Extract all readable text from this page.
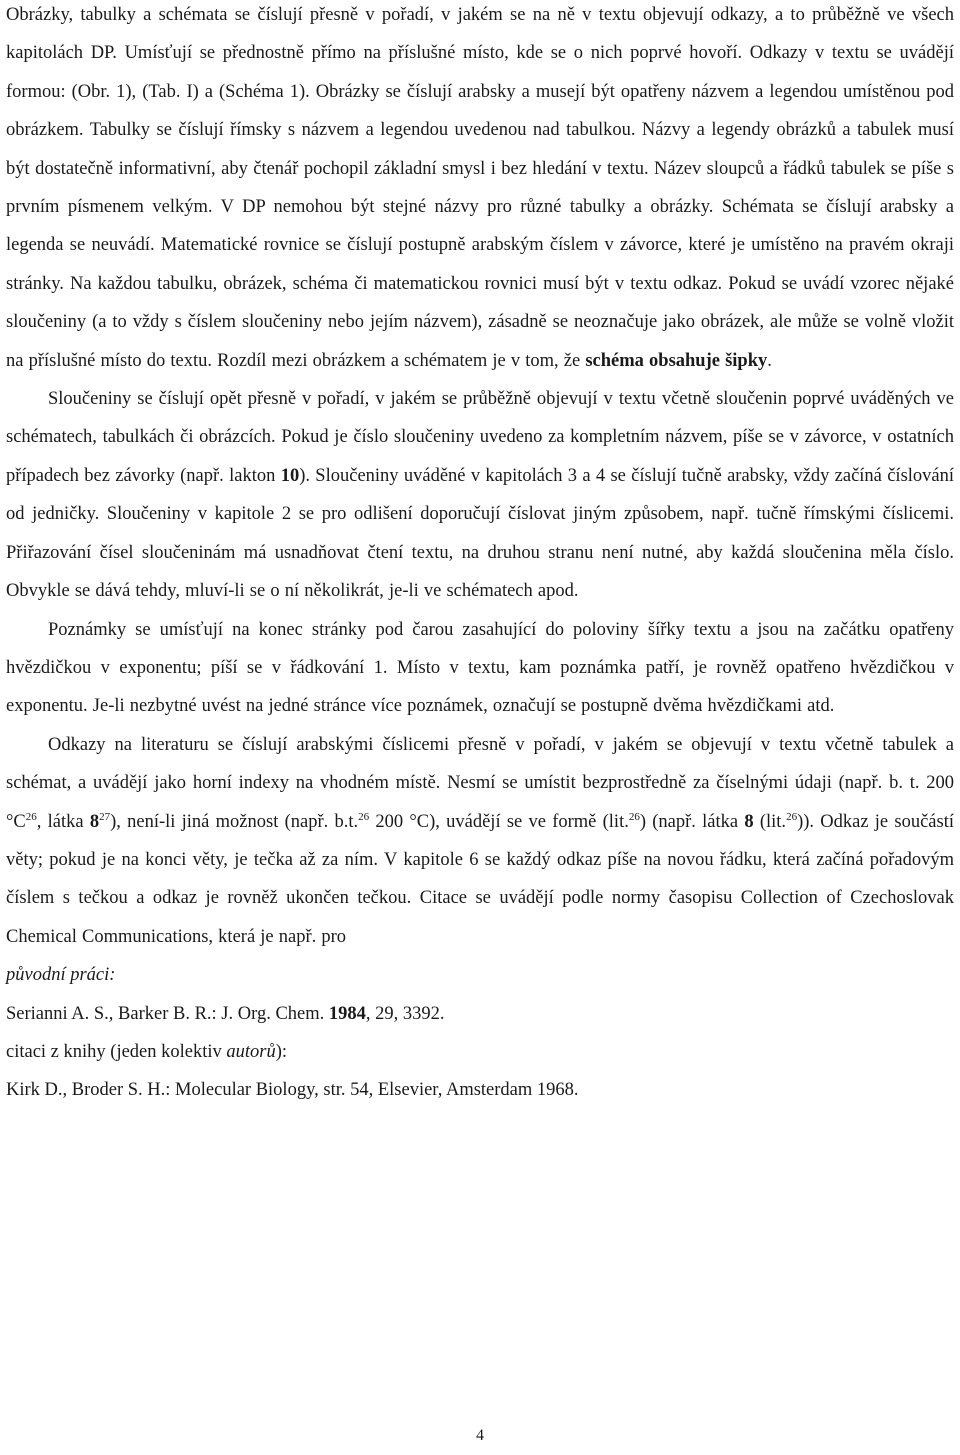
Obrázky, tabulky a schémata se číslují přesně v pořadí, v jakém se na ně v textu objevují odkazy, a to průběžně ve všech kapitolách DP. Umísťují se přednostně přímo na příslušné místo, kde se o nich poprvé hovoří. Odkazy v textu se uvádějí formou: (Obr. 1), (Tab. I) a (Schéma 1). Obrázky se číslují arabsky a musejí být opatřeny názvem a legendou umístěnou pod obrázkem. Tabulky se číslují římsky s názvem a legendou uvedenou nad tabulkou. Názvy a legendy obrázků a tabulek musí být dostatečně informativní, aby čtenář pochopil základní smysl i bez hledání v textu. Název sloupců a řádků tabulek se píše s prvním písmenem velkým. V DP nemohou být stejné názvy pro různé tabulky a obrázky. Schémata se číslují arabsky a legenda se neuvádí. Matematické rovnice se číslují postupně arabským číslem v závorce, které je umístěno na pravém okraji stránky. Na každou tabulku, obrázek, schéma či matematickou rovnici musí být v textu odkaz. Pokud se uvádí vzorec nějaké sloučeniny (a to vždy s číslem sloučeniny nebo jejím názvem), zásadně se neoznačuje jako obrázek, ale může se volně vložit na příslušné místo do textu. Rozdíl mezi obrázkem a schématem je v tom, že schéma obsahuje šipky.

Sloučeniny se číslují opět přesně v pořadí, v jakém se průběžně objevují v textu včetně sloučenin poprvé uváděných ve schématech, tabulkách či obrázcích. Pokud je číslo sloučeniny uvedeno za kompletním názvem, píše se v závorce, v ostatních případech bez závorky (např. lakton 10). Sloučeniny uváděné v kapitolách 3 a 4 se číslují tučně arabsky, vždy začíná číslování od jedničky. Sloučeniny v kapitole 2 se pro odlišení doporučují číslovat jiným způsobem, např. tučně římskými číslicemi. Přiřazování čísel sloučeninám má usnadňovat čtení textu, na druhou stranu není nutné, aby každá sloučenina měla číslo. Obvykle se dává tehdy, mluví-li se o ní několikrát, je-li ve schématech apod.

Poznámky se umísťují na konec stránky pod čarou zasahující do poloviny šířky textu a jsou na začátku opatřeny hvězdičkou v exponentu; píší se v řádkování 1. Místo v textu, kam poznámka patří, je rovněž opatřeno hvězdičkou v exponentu. Je-li nezbytné uvést na jedné stránce více poznámek, označují se postupně dvěma hvězdičkami atd.

Odkazy na literaturu se číslují arabskými číslicemi přesně v pořadí, v jakém se objevují v textu včetně tabulek a schémat, a uvádějí jako horní indexy na vhodném místě. Nesmí se umístit bezprostředně za číselnými údaji (např. b. t. 200 $^\circ C^{26}$, látka $8^{27}$), není-li jiná možnost (např. b.t.$^{26}$ 200 °C), uvádějí se ve formě (lit.$^{26}$) (např. látka 8 (lit.$^{26}$)). Odkaz je součástí věty; pokud je na konci věty, je tečka až za ním. V kapitole 6 se každý odkaz píše na novou řádku, která začíná pořadovým číslem s tečkou a odkaz je rovněž ukončen tečkou. Citace se uvádějí podle normy časopisu Collection of Czechoslovak Chemical Communications, která je např. pro

původní práci:

Serianni A. S., Barker B. R.: J. Org. Chem. 1984, 29, 3392.

citaci z knihy (jeden kolektiv autorů):

Kirk D., Broder S. H.: Molecular Biology, str. 54, Elsevier, Amsterdam 1968.

4
